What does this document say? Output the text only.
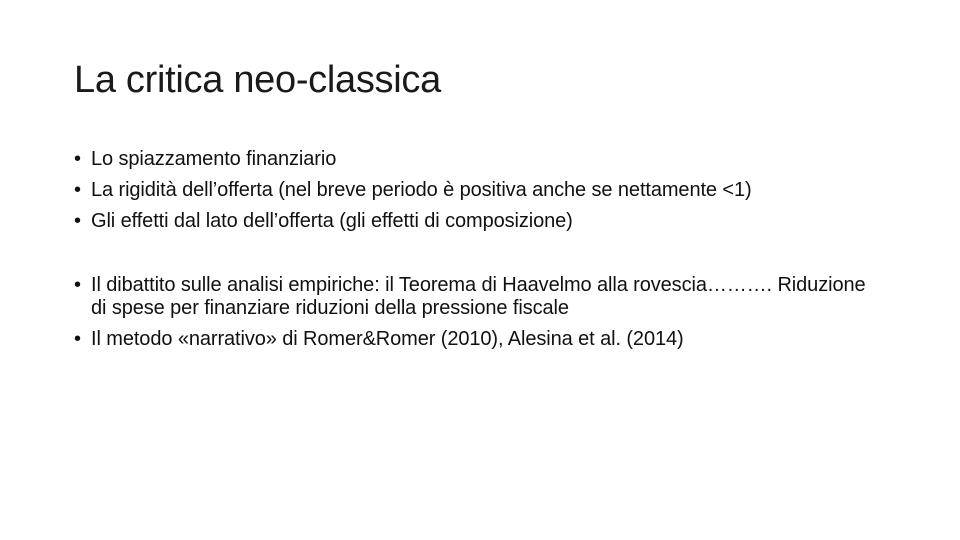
La critica neo-classica
• Lo spiazzamento finanziario
• La rigidità dell’offerta (nel breve periodo è positiva anche se nettamente <1)
• Gli effetti dal lato dell’offerta (gli effetti di composizione)
• Il dibattito sulle analisi empiriche: il Teorema di Haavelmo alla rovescia………. Riduzione di spese per finanziare riduzioni della pressione fiscale
• Il metodo «narrativo» di Romer&Romer (2010), Alesina et al. (2014)
